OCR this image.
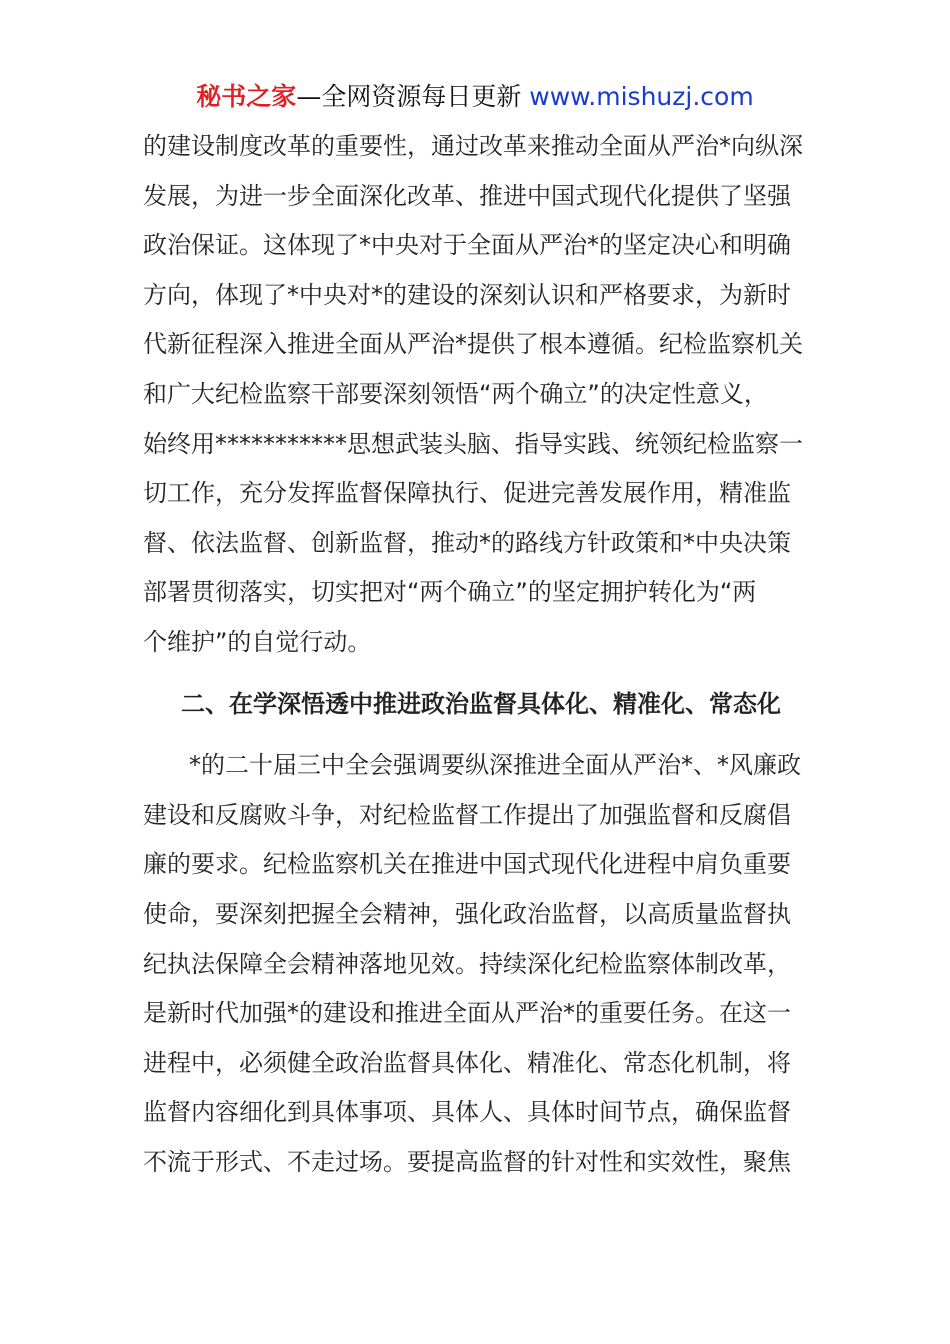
秘书之家—全网资源每日更新 www.mishuzj.com
的建设制度改革的重要性，通过改革来推动全面从严治*向纵深
发展，为进一步全面深化改革、推进中国式现代化提供了坚强
政治保证。这体现了*中央对于全面从严治*的坚定决心和明确
方向，体现了*中央对*的建设的深刻认识和严格要求，为新时
代新征程深入推进全面从严治*提供了根本遵循。纪检监察机关
和广大纪检监察干部要深刻领悟“两个确立”的决定性意义，
始终用***********思想武装头脑、指导实践、统领纪检监察一
切工作，充分发挥监督保障执行、促进完善发展作用，精准监
督、依法监督、创新监督，推动*的路线方针政策和*中央决策
部署贯彻落实，切实把对“两个确立”的坚定拥护转化为“两
个维护”的自觉行动。
二、在学深悟透中推进政治监督具体化、精准化、常态化
*的二十届三中全会强调要纵深推进全面从严治*、*风廉政
建设和反腐败斗争，对纪检监督工作提出了加强监督和反腐倡
廉的要求。纪检监察机关在推进中国式现代化进程中肩负重要
使命，要深刻把握全会精神，强化政治监督，以高质量监督执
纪执法保障全会精神落地见效。持续深化纪检监察体制改革，
是新时代加强*的建设和推进全面从严治*的重要任务。在这一
进程中，必须健全政治监督具体化、精准化、常态化机制，将
监督内容细化到具体事项、具体人、具体时间节点，确保监督
不流于形式、不走过场。要提高监督的针对性和实效性，聚焦
